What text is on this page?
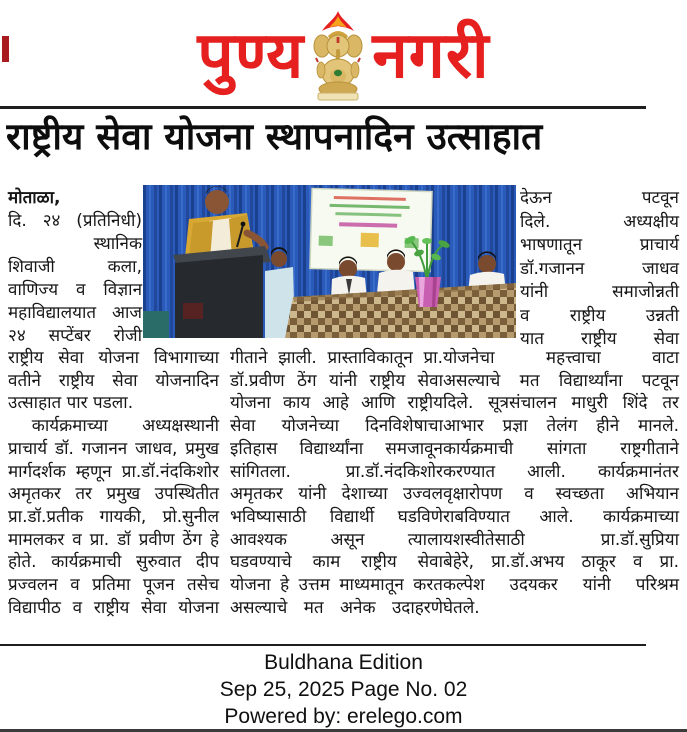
पुण्य नगरी
राष्ट्रीय सेवा योजना स्थापनादिन उत्साहात
मोताळा,
दि. २४ (प्रतिनिधी)
स्थानिक
शिवाजी कला,
वाणिज्य व विज्ञान
महाविद्यालयात आज
२४ सप्टेंबर रोजी
राष्ट्रीय सेवा योजना विभागाच्या
वतीने राष्ट्रीय सेवा योजनादिन
उत्साहात पार पडला.
कार्यक्रमाच्या अध्यक्षस्थानी
प्राचार्य डॉ. गजानन जाधव, प्रमुख
मार्गदर्शक म्हणून प्रा.डॉ.नंदकिशोर
अमृतकर तर प्रमुख उपस्थितीत
प्रा.डॉ.प्रतीक गायकी, प्रो.सुनील
मामलकर व प्रा. डॉ प्रवीण ठेंग हे
होते. कार्यक्रमाची सुरुवात दीप
प्रज्वलन व प्रतिमा पूजन तसेच
विद्यापीठ व राष्ट्रीय सेवा योजना
गीताने झाली. प्रास्ताविकातून प्रा.
डॉ.प्रवीण ठेंग यांनी राष्ट्रीय सेवा
योजना काय आहे आणि राष्ट्रीय
सेवा योजनेच्या दिनविशेषाचा
इतिहास विद्यार्थ्यांना समजावून
सांगितला. प्रा.डॉ.नंदकिशोर
अमृतकर यांनी देशाच्या उज्वल
भविष्यासाठी विद्यार्थी घडविणे
आवश्यक असून त्याला
घडवण्याचे काम राष्ट्रीय सेवा
योजना हे उत्तम माध्यमातून करत
असल्याचे मत अनेक उदाहरणे
देऊन पटवून
दिले. अध्यक्षीय
भाषणातून प्राचार्य
डॉ.गजानन जाधव
यांनी समाजोन्नती
व राष्ट्रीय उन्नती
यात राष्ट्रीय सेवा
योजनेचा महत्त्वाचा वाटा
असल्याचे मत विद्यार्थ्यांना पटवून
दिले. सूत्रसंचालन माधुरी शिंदे तर
आभार प्रज्ञा तेलंग हीने मानले.
कार्यक्रमाची सांगता राष्ट्रगीताने
करण्यात आली. कार्यक्रमानंतर
वृक्षारोपण व स्वच्छता अभियान
राबविण्यात आले. कार्यक्रमाच्या
यशस्वीतेसाठी प्रा.डॉ.सुप्रिया
बेहेरे, प्रा.डॉ.अभय ठाकूर व प्रा.
कल्पेश उदयकर यांनी परिश्रम
घेतले.
Buldhana Edition
Sep 25, 2025 Page No. 02
Powered by: erelego.com
